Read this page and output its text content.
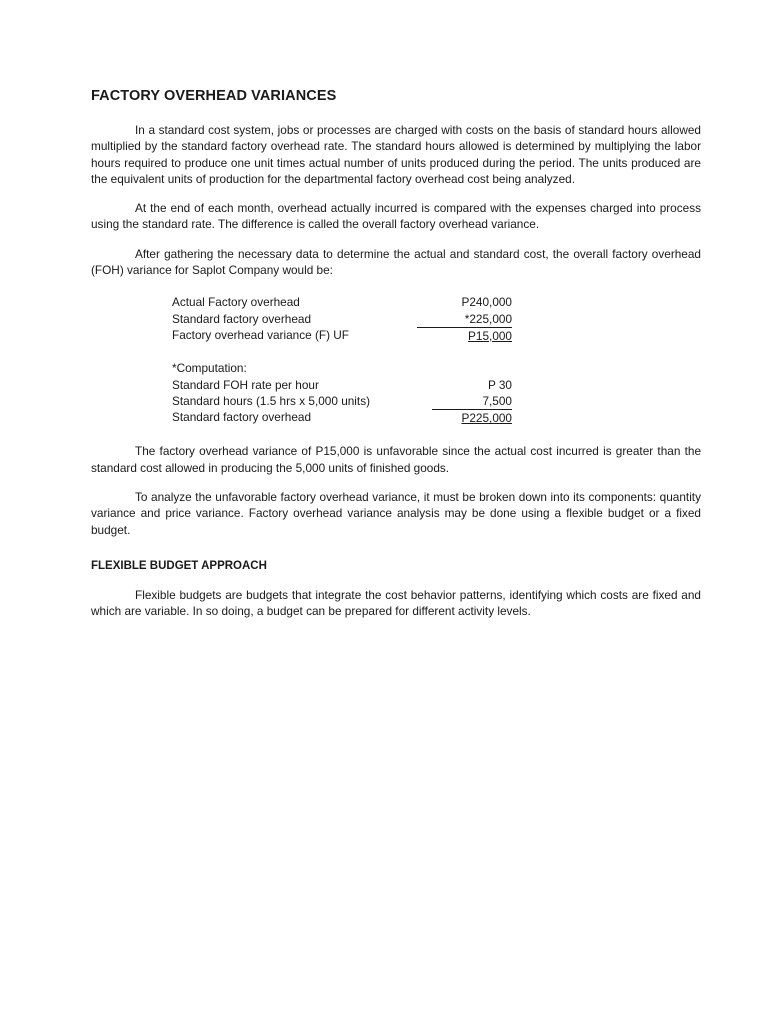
FACTORY OVERHEAD VARIANCES

In a standard cost system, jobs or processes are charged with costs on the basis of standard hours allowed multiplied by the standard factory overhead rate. The standard hours allowed is determined by multiplying the labor hours required to produce one unit times actual number of units produced during the period. The units produced are the equivalent units of production for the departmental factory overhead cost being analyzed.

At the end of each month, overhead actually incurred is compared with the expenses charged into process using the standard rate. The difference is called the overall factory overhead variance.

After gathering the necessary data to determine the actual and standard cost, the overall factory overhead (FOH) variance for Saplot Company would be:

Actual Factory overhead	P240,000
Standard factory overhead	*225,000
Factory overhead variance (F) UF	P15,000
*Computation:
Standard FOH rate per hour	P 30
Standard hours (1.5 hrs x 5,000 units)	7,500
Standard factory overhead	P225,000

The factory overhead variance of P15,000 is unfavorable since the actual cost incurred is greater than the standard cost allowed in producing the 5,000 units of finished goods.

To analyze the unfavorable factory overhead variance, it must be broken down into its components: quantity variance and price variance. Factory overhead variance analysis may be done using a flexible budget or a fixed budget.

FLEXIBLE BUDGET APPROACH

Flexible budgets are budgets that integrate the cost behavior patterns, identifying which costs are fixed and which are variable. In so doing, a budget can be prepared for different activity levels.
